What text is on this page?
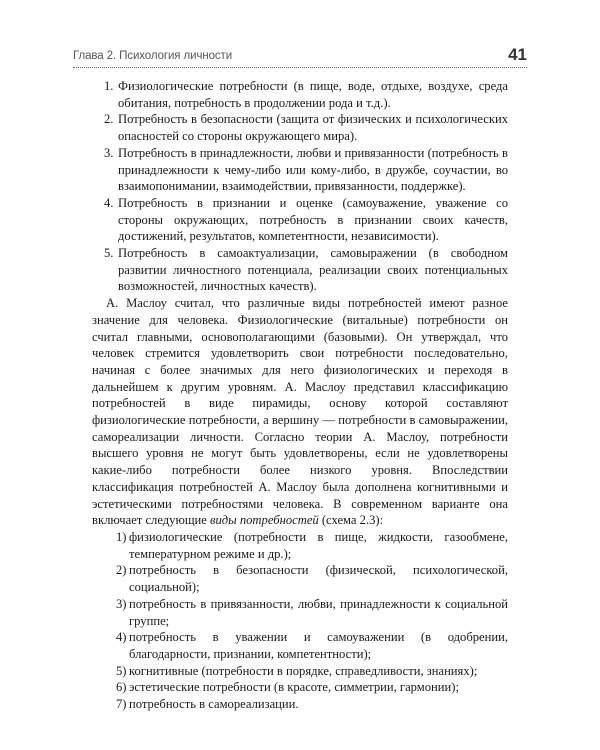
Глава 2. Психология личности	41
1. Физиологические потребности (в пище, воде, отдыхе, воздухе, среда обитания, потребность в продолжении рода и т.д.).
2. Потребность в безопасности (защита от физических и психологических опасностей со стороны окружающего мира).
3. Потребность в принадлежности, любви и привязанности (потребность в принадлежности к чему-либо или кому-либо, в дружбе, соучастии, во взаимопонимании, взаимодействии, привязанности, поддержке).
4. Потребность в признании и оценке (самоуважение, уважение со стороны окружающих, потребность в признании своих качеств, достижений, результатов, компетентности, независимости).
5. Потребность в самоактуализации, самовыражении (в свободном развитии личностного потенциала, реализации своих потенциальных возможностей, личностных качеств).

А. Маслоу считал, что различные виды потребностей имеют разное значение для человека. Физиологические (витальные) потребности он считал главными, основополагающими (базовыми). Он утверждал, что человек стремится удовлетворить свои потребности последовательно, начиная с более значимых для него физиологических и переходя в дальнейшем к другим уровням. А. Маслоу представил классификацию потребностей в виде пирамиды, основу которой составляют физиологические потребности, а вершину — потребности в самовыражении, самореализации личности. Согласно теории А. Маслоу, потребности высшего уровня не могут быть удовлетворены, если не удовлетворены какие-либо потребности более низкого уровня. Впоследствии классификация потребностей А. Маслоу была дополнена когнитивными и эстетическими потребностями человека. В современном варианте она включает следующие виды потребностей (схема 2.3):

1) физиологические (потребности в пище, жидкости, газообмене, температурном режиме и др.);
2) потребность в безопасности (физической, психологической, социальной);
3) потребность в привязанности, любви, принадлежности к социальной группе;
4) потребность в уважении и самоуважении (в одобрении, благодарности, признании, компетентности);
5) когнитивные (потребности в порядке, справедливости, знаниях);
6) эстетические потребности (в красоте, симметрии, гармонии);
7) потребность в самореализации.
